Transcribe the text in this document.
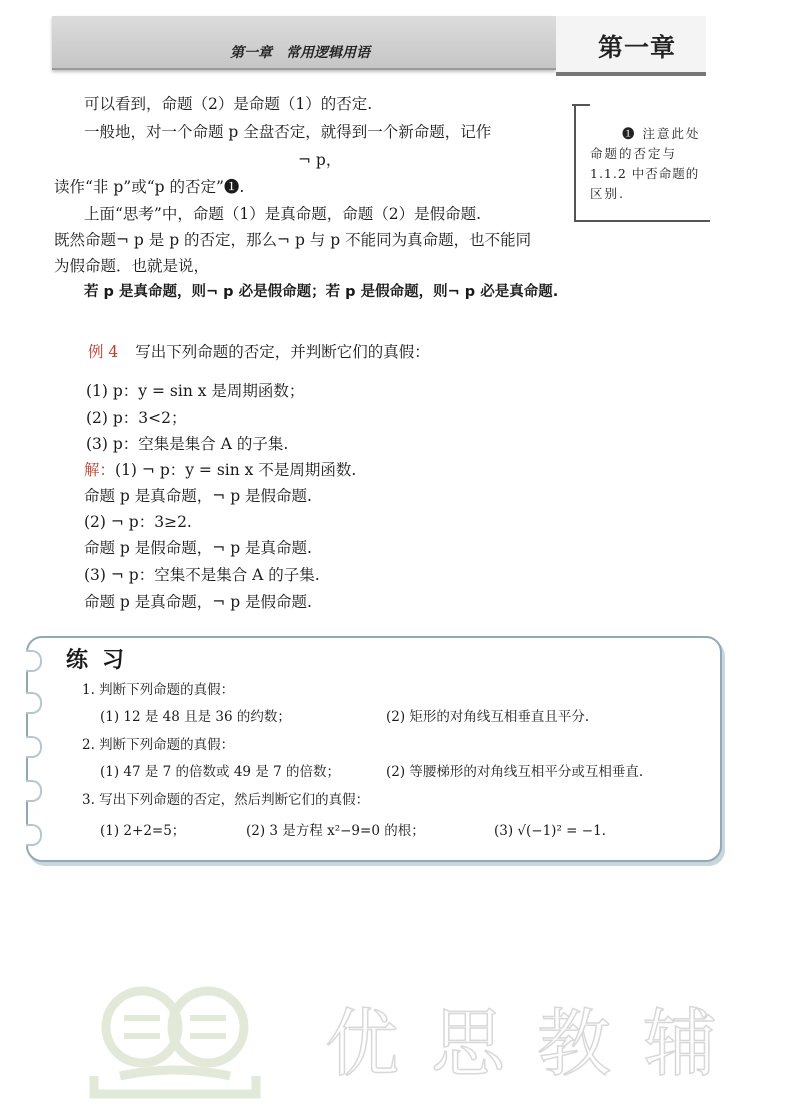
第一章　常用逻辑用语	第一章
可以看到，命题（2）是命题（1）的否定.
一般地，对一个命题 p 全盘否定，就得到一个新命题，记作
¬ p，
读作“非 p”或“p 的否定”❶.
上面“思考”中，命题（1）是真命题，命题（2）是假命题.
既然命题¬ p 是 p 的否定，那么¬ p 与 p 不能同为真命题，也不能同
为假命题．也就是说，
若 p 是真命题，则¬ p 必是假命题；若 p 是假命题，则¬ p 必是真命题.
❶ 注意此处
命题的否定与
1.1.2 中否命题的
区别.
例 4 写出下列命题的否定，并判断它们的真假：
(1) p：y = sin x 是周期函数；
(2) p：3<2；
(3) p：空集是集合 A 的子集.
解：(1) ¬ p：y = sin x 不是周期函数.
命题 p 是真命题，¬ p 是假命题.
(2) ¬ p：3≥2.
命题 p 是假命题，¬ p 是真命题.
(3) ¬ p：空集不是集合 A 的子集.
命题 p 是真命题，¬ p 是假命题.
练习
1. 判断下列命题的真假：
(1) 12 是 48 且是 36 的约数；	(2) 矩形的对角线互相垂直且平分.
2. 判断下列命题的真假：
(1) 47 是 7 的倍数或 49 是 7 的倍数；	(2) 等腰梯形的对角线互相平分或互相垂直.
3. 写出下列命题的否定，然后判断它们的真假：
(1) 2+2=5；	(2) 3 是方程 x²−9=0 的根；	(3) √(−1)² = −1.
优 思 教 辅
